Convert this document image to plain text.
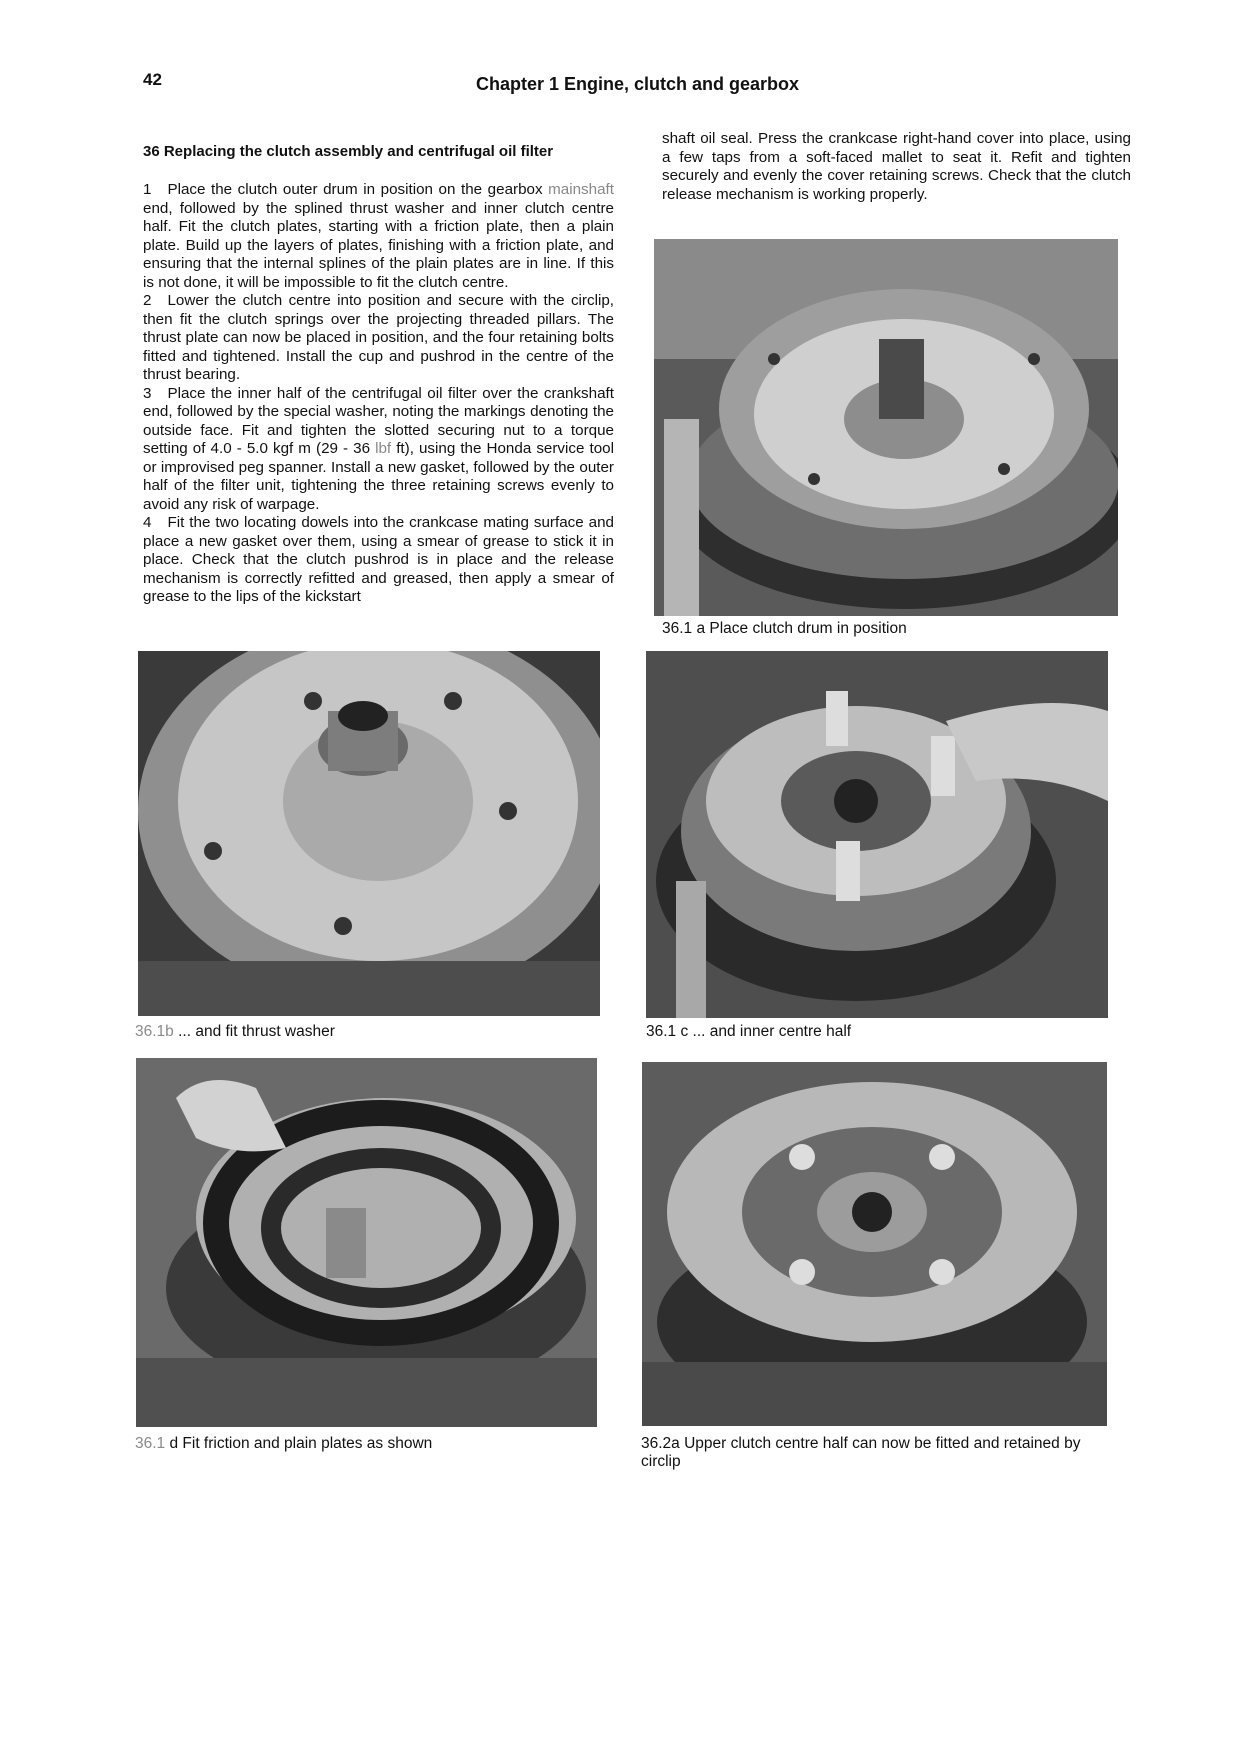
42	Chapter 1 Engine, clutch and gearbox
36 Replacing the clutch assembly and centrifugal oil filter

1 Place the clutch outer drum in position on the gearbox mainshaft end, followed by the splined thrust washer and inner clutch centre half. Fit the clutch plates, starting with a friction plate, then a plain plate. Build up the layers of plates, finishing with a friction plate, and ensuring that the internal splines of the plain plates are in line. If this is not done, it will be impossible to fit the clutch centre.

2 Lower the clutch centre into position and secure with the circlip, then fit the clutch springs over the projecting threaded pillars. The thrust plate can now be placed in position, and the four retaining bolts fitted and tightened. Install the cup and pushrod in the centre of the thrust bearing.

3 Place the inner half of the centrifugal oil filter over the crankshaft end, followed by the special washer, noting the markings denoting the outside face. Fit and tighten the slotted securing nut to a torque setting of 4.0 - 5.0 kgf m (29 - 36 lbf ft), using the Honda service tool or improvised peg spanner. Install a new gasket, followed by the outer half of the filter unit, tightening the three retaining screws evenly to avoid any risk of warpage.

4 Fit the two locating dowels into the crankcase mating surface and place a new gasket over them, using a smear of grease to stick it in place. Check that the clutch pushrod is in place and the release mechanism is correctly refitted and greased, then apply a smear of grease to the lips of the kickstart

shaft oil seal. Press the crankcase right-hand cover into place, using a few taps from a soft-faced mallet to seat it. Refit and tighten securely and evenly the cover retaining screws. Check that the clutch release mechanism is working properly.

36.1 a Place clutch drum in position
36.1b ... and fit thrust washer	36.1 c ... and inner centre half
36.1 d Fit friction and plain plates as shown	36.2a Upper clutch centre half can now be fitted and retained by circlip
